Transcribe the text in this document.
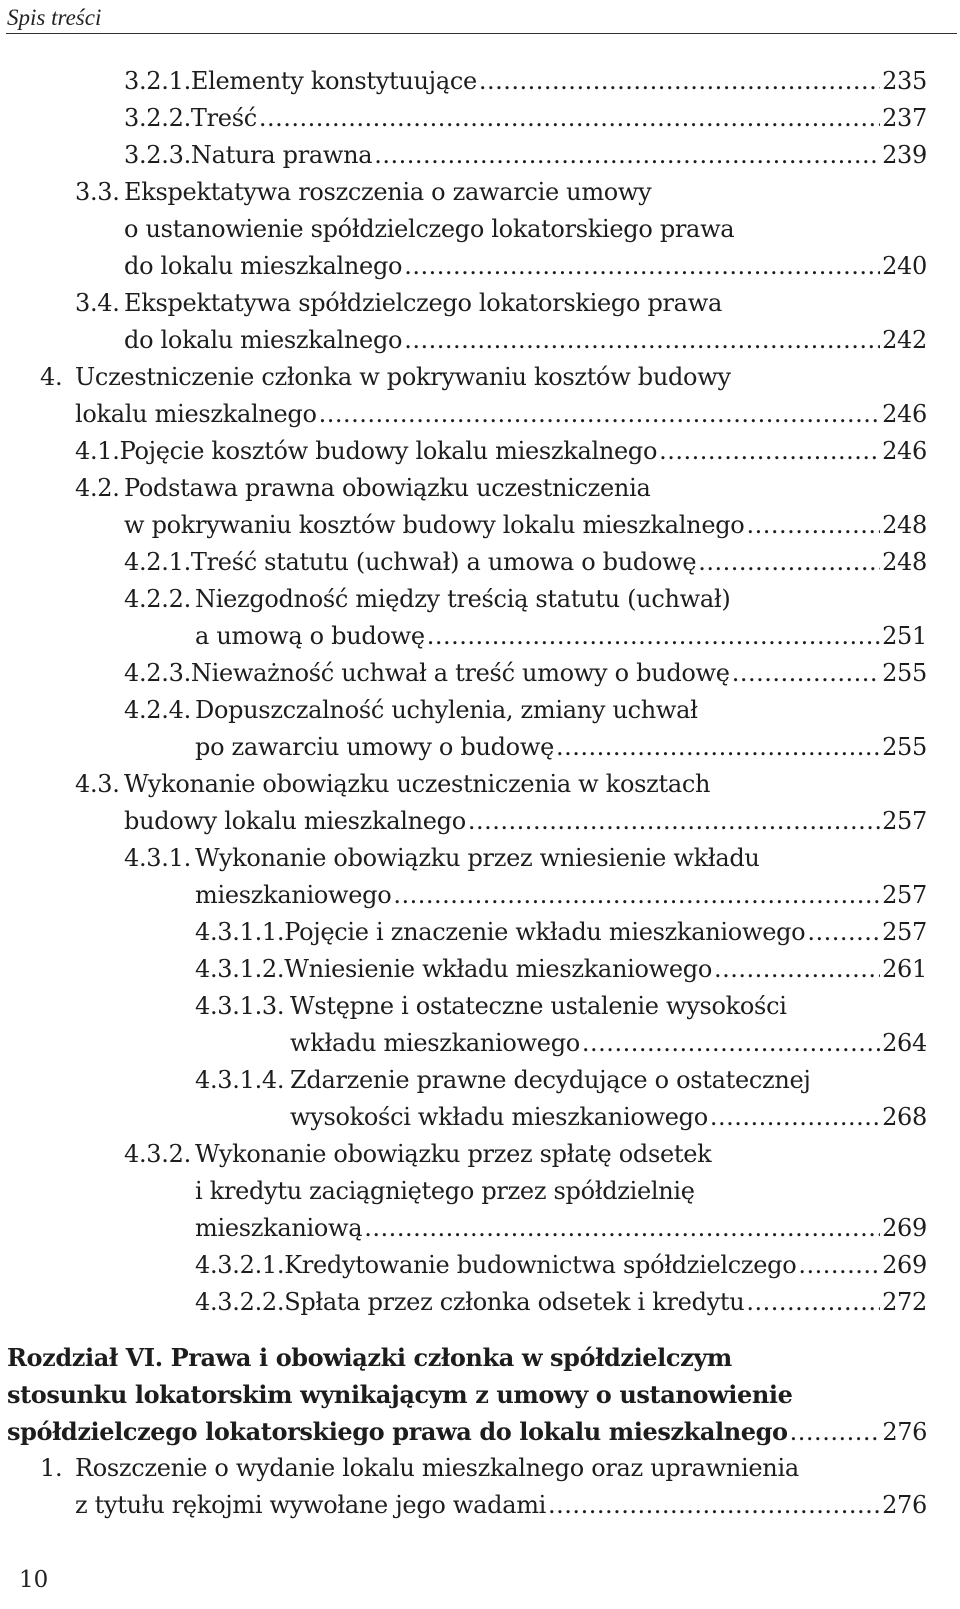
Spis treści
3.2.1. Elementy konstytuujące .....	235
3.2.2. Treść .....	237
3.2.3. Natura prawna .....	239
3.3. Ekspektatywa roszczenia o zawarcie umowy
o ustanowienie spółdzielczego lokatorskiego prawa
do lokalu mieszkalnego .....	240
3.4. Ekspektatywa spółdzielczego lokatorskiego prawa
do lokalu mieszkalnego .....	242
4. Uczestniczenie członka w pokrywaniu kosztów budowy
lokalu mieszkalnego .....	246
4.1. Pojęcie kosztów budowy lokalu mieszkalnego .....	246
4.2. Podstawa prawna obowiązku uczestniczenia
w pokrywaniu kosztów budowy lokalu mieszkalnego .....	248
4.2.1. Treść statutu (uchwał) a umowa o budowę .....	248
4.2.2. Niezgodność między treścią statutu (uchwał)
a umową o budowę .....	251
4.2.3. Nieważność uchwał a treść umowy o budowę .....	255
4.2.4. Dopuszczalność uchylenia, zmiany uchwał
po zawarciu umowy o budowę .....	255
4.3. Wykonanie obowiązku uczestniczenia w kosztach
budowy lokalu mieszkalnego .....	257
4.3.1. Wykonanie obowiązku przez wniesienie wkładu
mieszkaniowego .....	257
4.3.1.1. Pojęcie i znaczenie wkładu mieszkaniowego .....	257
4.3.1.2. Wniesienie wkładu mieszkaniowego .....	261
4.3.1.3. Wstępne i ostateczne ustalenie wysokości
wkładu mieszkaniowego .....	264
4.3.1.4. Zdarzenie prawne decydujące o ostatecznej
wysokości wkładu mieszkaniowego .....	268
4.3.2. Wykonanie obowiązku przez spłatę odsetek
i kredytu zaciągniętego przez spółdzielnię
mieszkaniową .....	269
4.3.2.1. Kredytowanie budownictwa spółdzielczego .....	269
4.3.2.2. Spłata przez członka odsetek i kredytu .....	272
Rozdział VI. Prawa i obowiązki członka w spółdzielczym
stosunku lokatorskim wynikającym z umowy o ustanowienie
spółdzielczego lokatorskiego prawa do lokalu mieszkalnego .....	276
1. Roszczenie o wydanie lokalu mieszkalnego oraz uprawnienia
z tytułu rękojmi wywołane jego wadami .....	276
10
